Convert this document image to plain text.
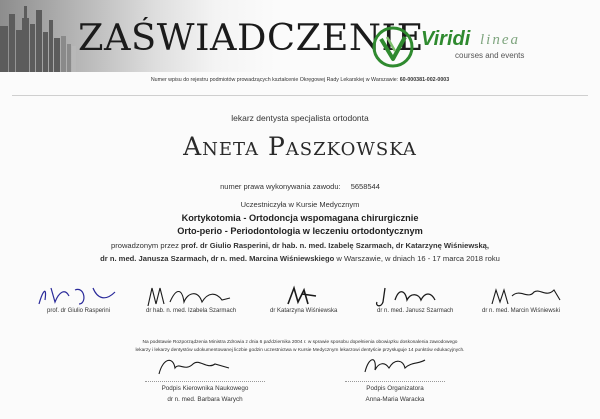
ZAŚWIADCZENIE
Viridi linea
courses and events
Numer wpisu do rejestru podmiotów prowadzących kształcenie Okręgowej Rady Lekarskiej w Warszawie: 60-000381-002-0003
lekarz dentysta specjalista ortodonta
Aneta Paszkowska
numer prawa wykonywania zawodu: 5658544
Uczestniczyła w Kursie Medycznym
Kortykotomia - Ortodoncja wspomagana chirurgicznie
Orto-perio - Periodontologia w leczeniu ortodontycznym
prowadzonym przez prof. dr Giulio Rasperini, dr hab. n. med. Izabelę Szarmach, dr Katarzynę Wiśniewską,
dr n. med. Janusza Szarmach, dr n. med. Marcina Wiśniewskiego w Warszawie, w dniach 16 - 17 marca 2018 roku
prof. dr Giulio Rasperini	dr hab. n. med. Izabela Szarmach	dr Katarzyna Wiśniewska	dr n. med. Janusz Szarmach	dr n. med. Marcin Wiśniewski
Na podstawie Rozporządzenia Ministra Zdrowia z dnia 6 października 2004 r. w sprawie sposobu dopełnienia obowiązku doskonalenia zawodowego
lekarzy i lekarzy dentystów udokumentowanej liczbie godzin uczestnictwa w Kursie Medycznym lekarzowi dentyście przysługuje 14 punktów edukacyjnych.
Podpis Kierownika Naukowego
dr n. med. Barbara Warych
Podpis Organizatora
Anna-Maria Waracka
